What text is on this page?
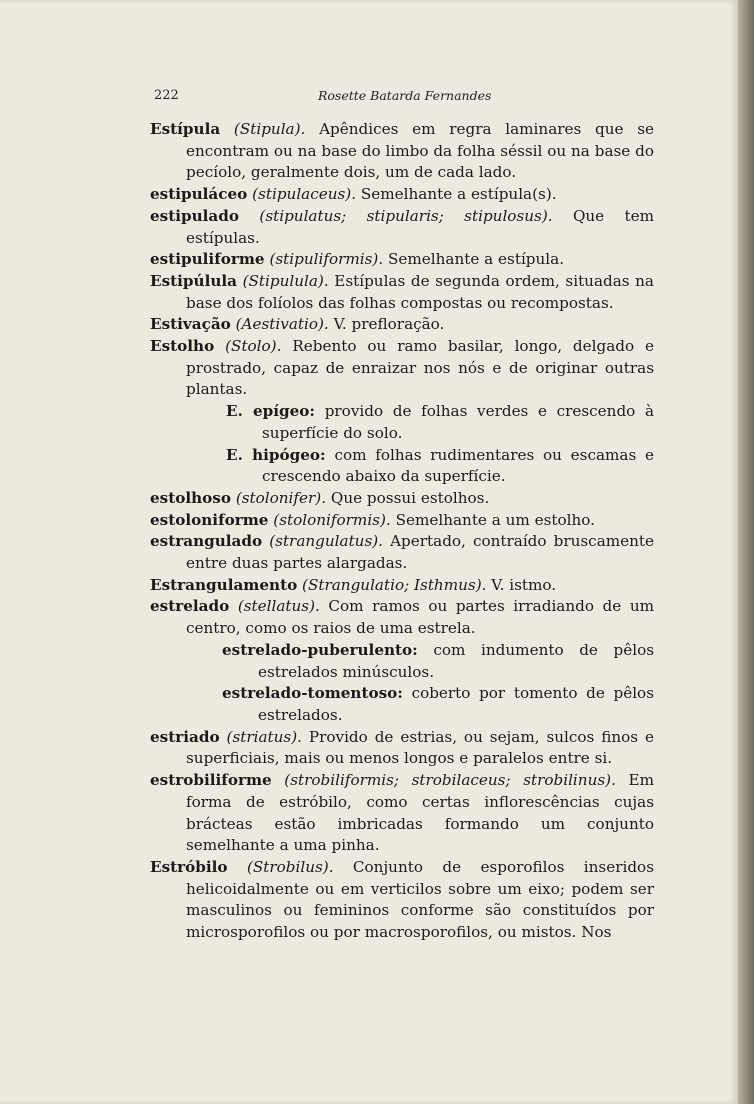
222	Rosette Batarda Fernandes

Estípula (Stipula). Apêndices em regra laminares que se encontram ou na base do limbo da folha séssil ou na base do pecíolo, geralmente dois, um de cada lado.

estipuláceo (stipulaceus). Semelhante a estípula(s).

estipulado (stipulatus; stipularis; stipulosus). Que tem estípulas.

estipuliforme (stipuliformis). Semelhante a estípula.

Estipúlula (Stipulula). Estípulas de segunda ordem, situadas na base dos folíolos das folhas compostas ou recompostas.

Estivação (Aestivatio). V. prefloração.

Estolho (Stolo). Rebento ou ramo basilar, longo, delgado e prostrado, capaz de enraizar nos nós e de originar outras plantas.

E. epígeo: provido de folhas verdes e crescendo à superfície do solo.

E. hipógeo: com folhas rudimentares ou escamas e crescendo abaixo da superfície.

estolhoso (stolonifer). Que possui estolhos.

estoloniforme (stoloniformis). Semelhante a um estolho.

estrangulado (strangulatus). Apertado, contraído bruscamente entre duas partes alargadas.

Estrangulamento (Strangulatio; Isthmus). V. istmo.

estrelado (stellatus). Com ramos ou partes irradiando de um centro, como os raios de uma estrela.

estrelado-puberulento: com indumento de pêlos estrelados minúsculos.

estrelado-tomentoso: coberto por tomento de pêlos estrelados.

estriado (striatus). Provido de estrias, ou sejam, sulcos finos e superficiais, mais ou menos longos e paralelos entre si.

estrobiliforme (strobiliformis; strobilaceus; strobilinus). Em forma de estróbilo, como certas inflorescências cujas brácteas estão imbricadas formando um conjunto semelhante a uma pinha.

Estróbilo (Strobilus). Conjunto de esporofilos inseridos helicoidalmente ou em verticilos sobre um eixo; podem ser masculinos ou femininos conforme são constituídos por microsporofilos ou por macrosporofilos, ou mistos. Nos
